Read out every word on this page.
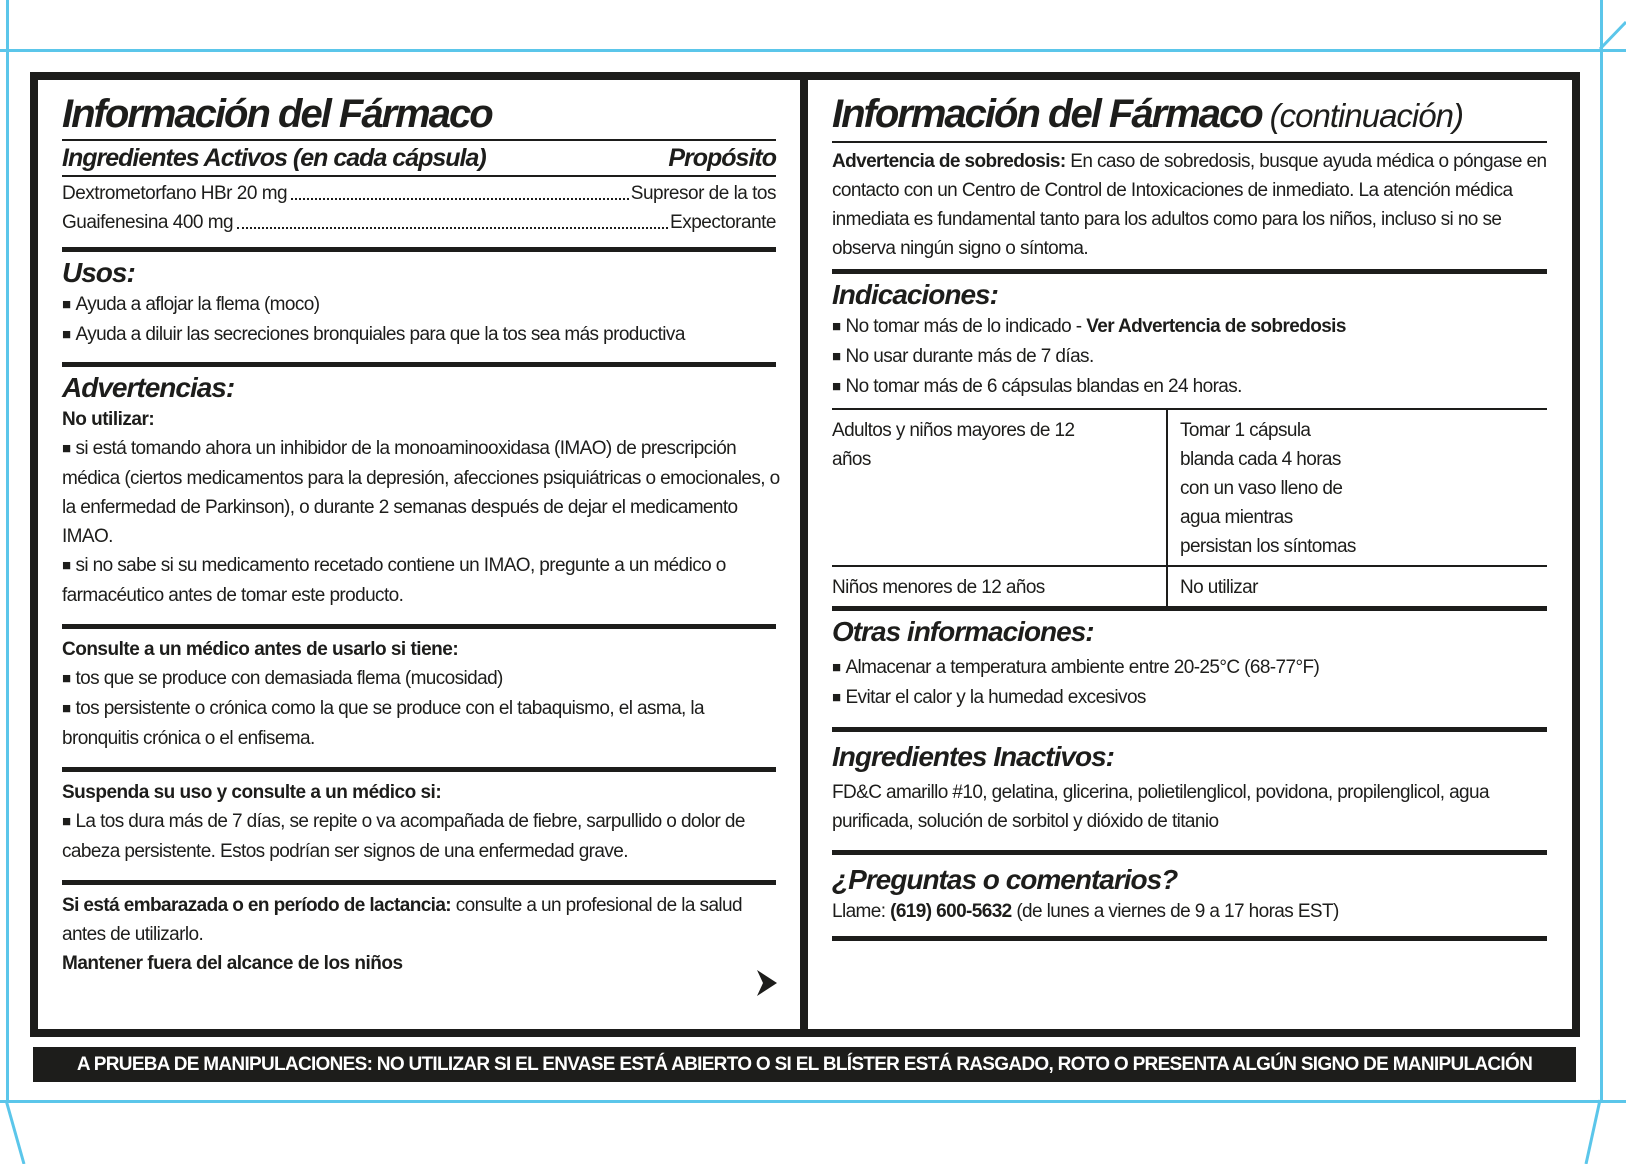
Información del Fármaco
Ingredientes Activos (en cada cápsula)	Propósito
Dextrometorfano HBr 20 mg	Supresor de la tos
Guaifenesina 400 mg	Expectorante
Usos:
■ Ayuda a aflojar la flema (moco)
■ Ayuda a diluir las secreciones bronquiales para que la tos sea más productiva
Advertencias:
No utilizar:
■ si está tomando ahora un inhibidor de la monoaminooxidasa (IMAO) de prescripción médica (ciertos medicamentos para la depresión, afecciones psiquiátricas o emocionales, o la enfermedad de Parkinson), o durante 2 semanas después de dejar el medicamento IMAO.
■ si no sabe si su medicamento recetado contiene un IMAO, pregunte a un médico o farmacéutico antes de tomar este producto.
Consulte a un médico antes de usarlo si tiene:
■ tos que se produce con demasiada flema (mucosidad)
■ tos persistente o crónica como la que se produce con el tabaquismo, el asma, la bronquitis crónica o el enfisema.
Suspenda su uso y consulte a un médico si:
■ La tos dura más de 7 días, se repite o va acompañada de fiebre, sarpullido o dolor de cabeza persistente. Estos podrían ser signos de una enfermedad grave.
Si está embarazada o en período de lactancia: consulte a un profesional de la salud antes de utilizarlo.
Mantener fuera del alcance de los niños
Información del Fármaco (continuación)
Advertencia de sobredosis: En caso de sobredosis, busque ayuda médica o póngase en contacto con un Centro de Control de Intoxicaciones de inmediato. La atención médica inmediata es fundamental tanto para los adultos como para los niños, incluso si no se observa ningún signo o síntoma.
Indicaciones:
■ No tomar más de lo indicado - Ver Advertencia de sobredosis
■ No usar durante más de 7 días.
■ No tomar más de 6 cápsulas blandas en 24 horas.
Adultos y niños mayores de 12 años	Tomar 1 cápsula blanda cada 4 horas con un vaso lleno de agua mientras persistan los síntomas
Niños menores de 12 años	No utilizar
Otras informaciones:
■ Almacenar a temperatura ambiente entre 20-25°C (68-77°F)
■ Evitar el calor y la humedad excesivos
Ingredientes Inactivos:
FD&C amarillo #10, gelatina, glicerina, polietilenglicol, povidona, propilenglicol, agua purificada, solución de sorbitol y dióxido de titanio
¿Preguntas o comentarios?
Llame: (619) 600-5632 (de lunes a viernes de 9 a 17 horas EST)
A PRUEBA DE MANIPULACIONES: NO UTILIZAR SI EL ENVASE ESTÁ ABIERTO O SI EL BLÍSTER ESTÁ RASGADO, ROTO O PRESENTA ALGÚN SIGNO DE MANIPULACIÓN
